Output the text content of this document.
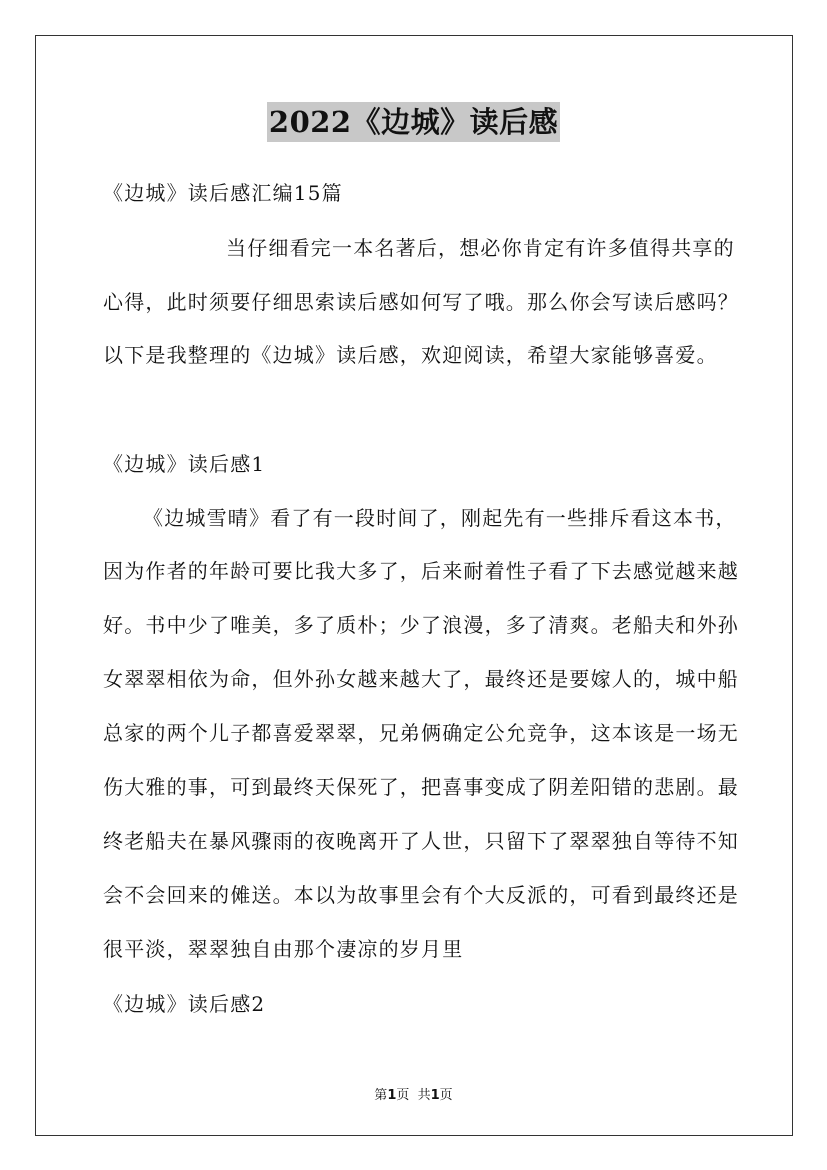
2022《边城》读后感
《边城》读后感汇编15篇
当仔细看完一本名著后，想必你肯定有许多值得共享的
心得，此时须要仔细思索读后感如何写了哦。那么你会写读后感吗？
以下是我整理的《边城》读后感，欢迎阅读，希望大家能够喜爱。
《边城》读后感1
《边城雪晴》看了有一段时间了，刚起先有一些排斥看这本书，
因为作者的年龄可要比我大多了，后来耐着性子看了下去感觉越来越
好。书中少了唯美，多了质朴；少了浪漫，多了清爽。老船夫和外孙
女翠翠相依为命，但外孙女越来越大了，最终还是要嫁人的，城中船
总家的两个儿子都喜爱翠翠，兄弟俩确定公允竞争，这本该是一场无
伤大雅的事，可到最终天保死了，把喜事变成了阴差阳错的悲剧。最
终老船夫在暴风骤雨的夜晚离开了人世，只留下了翠翠独自等待不知
会不会回来的傩送。本以为故事里会有个大反派的，可看到最终还是
很平淡，翠翠独自由那个凄凉的岁月里
《边城》读后感2
第1页  共1页
